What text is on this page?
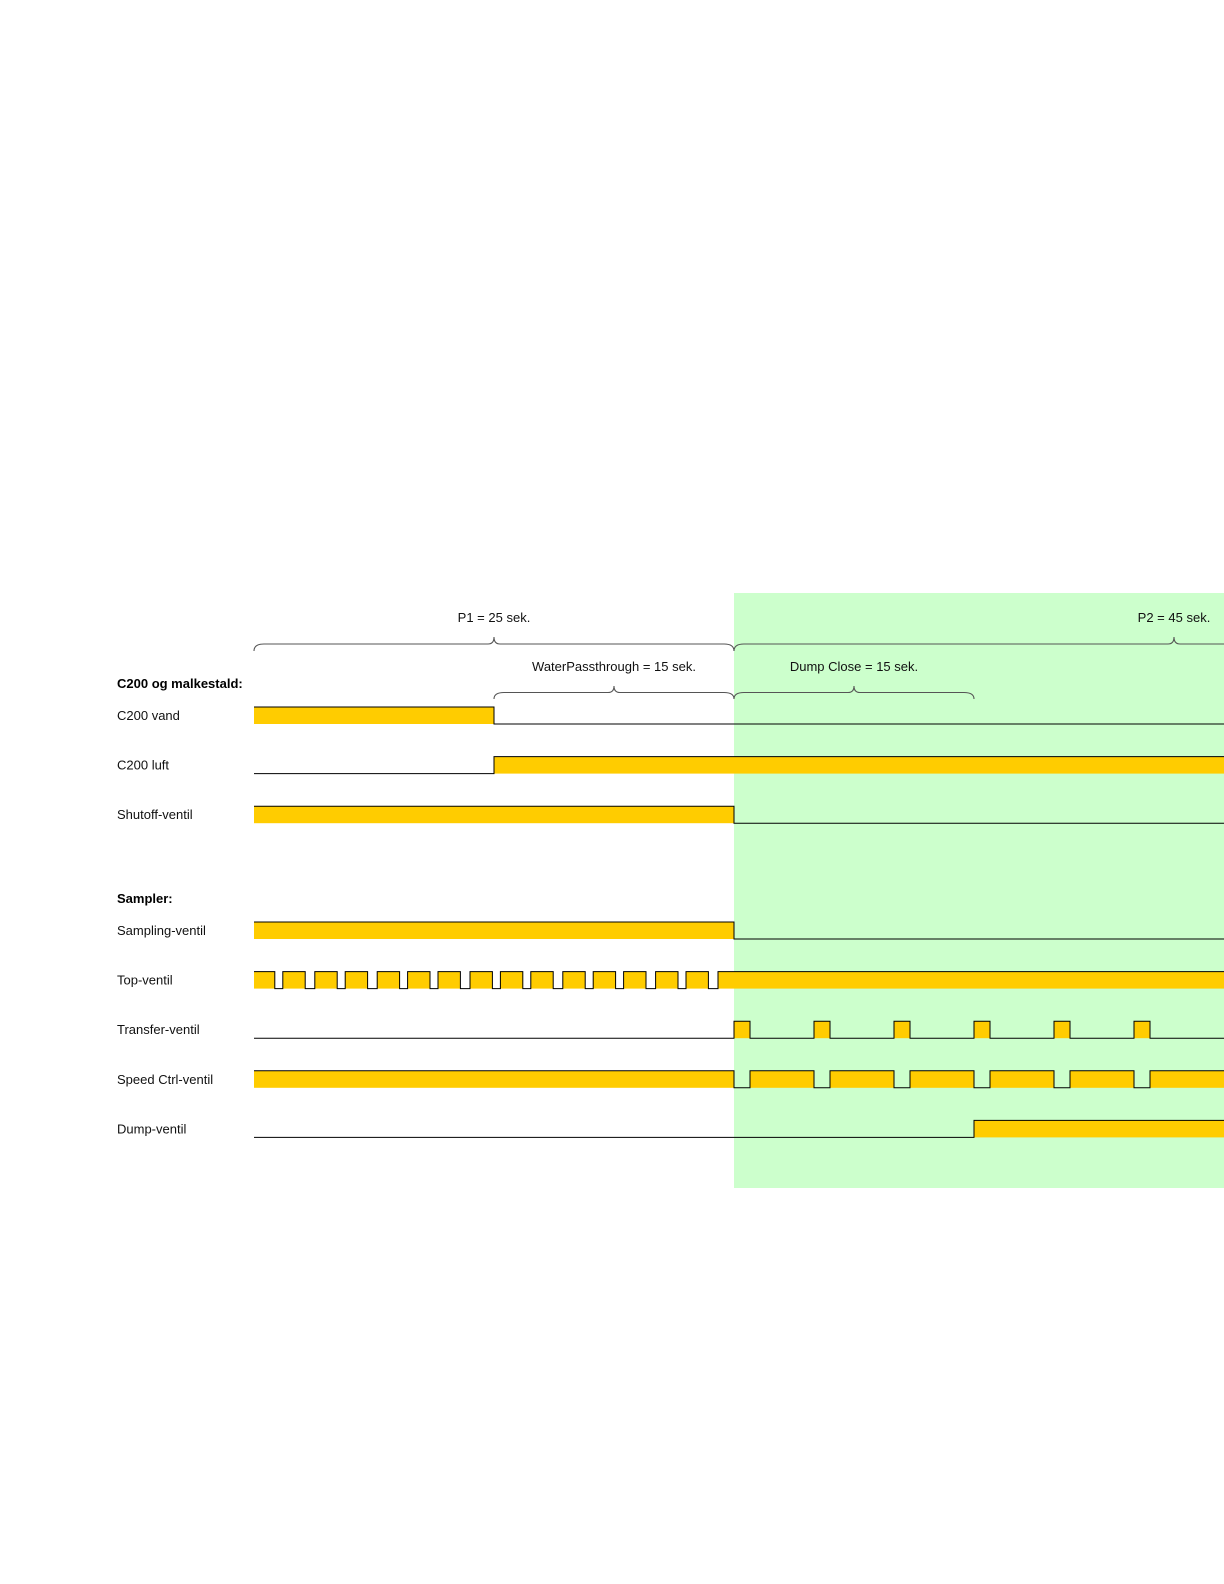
P1 = 25 sek.	P2 = 45 sek.
WaterPassthrough = 15 sek.	Dump Close = 15 sek.
C200 og malkestald:
C200 vand
C200 luft
Shutoff-ventil
Sampler:
Sampling-ventil
Top-ventil
Transfer-ventil
Speed Ctrl-ventil
Dump-ventil
